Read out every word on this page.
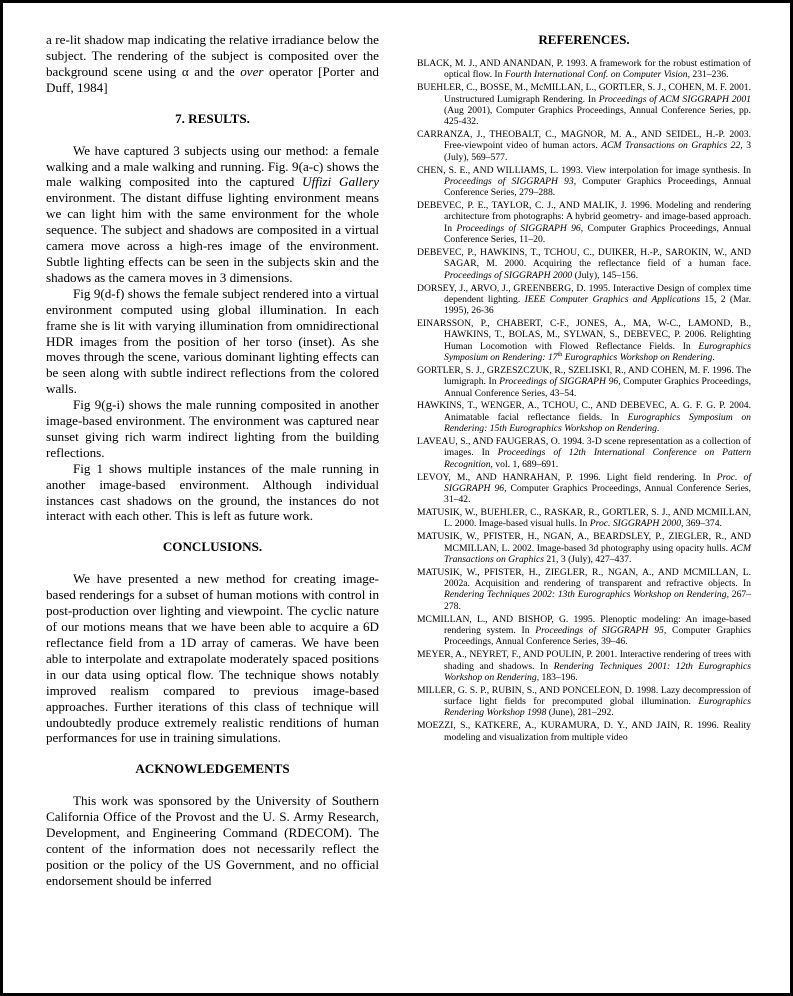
a re-lit shadow map indicating the relative irradiance below the subject. The rendering of the subject is composited over the background scene using α and the over operator [Porter and Duff, 1984]

7. RESULTS.

We have captured 3 subjects using our method: a female walking and a male walking and running. Fig. 9(a-c) shows the male walking composited into the captured Uffizi Gallery environment. The distant diffuse lighting environment means we can light him with the same environment for the whole sequence. The subject and shadows are composited in a virtual camera move across a high-res image of the environment. Subtle lighting effects can be seen in the subjects skin and the shadows as the camera moves in 3 dimensions.

Fig 9(d-f) shows the female subject rendered into a virtual environment computed using global illumination. In each frame she is lit with varying illumination from omnidirectional HDR images from the position of her torso (inset). As she moves through the scene, various dominant lighting effects can be seen along with subtle indirect reflections from the colored walls.

Fig 9(g-i) shows the male running composited in another image-based environment. The environment was captured near sunset giving rich warm indirect lighting from the building reflections.

Fig 1 shows multiple instances of the male running in another image-based environment. Although individual instances cast shadows on the ground, the instances do not interact with each other. This is left as future work.

CONCLUSIONS.

We have presented a new method for creating image-based renderings for a subset of human motions with control in post-production over lighting and viewpoint. The cyclic nature of our motions means that we have been able to acquire a 6D reflectance field from a 1D array of cameras. We have been able to interpolate and extrapolate moderately spaced positions in our data using optical flow. The technique shows notably improved realism compared to previous image-based approaches. Further iterations of this class of technique will undoubtedly produce extremely realistic renditions of human performances for use in training simulations.

ACKNOWLEDGEMENTS

This work was sponsored by the University of Southern California Office of the Provost and the U. S. Army Research, Development, and Engineering Command (RDECOM). The content of the information does not necessarily reflect the position or the policy of the US Government, and no official endorsement should be inferred

REFERENCES.
BLACK, M. J., AND ANANDAN, P. 1993. A framework for the robust estimation of optical flow. In Fourth International Conf. on Computer Vision, 231–236.
BUEHLER, C., BOSSE, M., McMILLAN, L., GORTLER, S. J., COHEN, M. F. 2001. Unstructured Lumigraph Rendering. In Proceedings of ACM SIGGRAPH 2001 (Aug 2001), Computer Graphics Proceedings, Annual Conference Series, pp. 425-432.
CARRANZA, J., THEOBALT, C., MAGNOR, M. A., AND SEIDEL, H.-P. 2003. Free-viewpoint video of human actors. ACM Transactions on Graphics 22, 3 (July), 569–577.
CHEN, S. E., AND WILLIAMS, L. 1993. View interpolation for image synthesis. In Proceedings of SIGGRAPH 93, Computer Graphics Proceedings, Annual Conference Series, 279–288.
DEBEVEC, P. E., TAYLOR, C. J., AND MALIK, J. 1996. Modeling and rendering architecture from photographs: A hybrid geometry- and image-based approach. In Proceedings of SIGGRAPH 96, Computer Graphics Proceedings, Annual Conference Series, 11–20.
DEBEVEC, P., HAWKINS, T., TCHOU, C., DUIKER, H.-P., SAROKIN, W., AND SAGAR, M. 2000. Acquiring the reflectance field of a human face. Proceedings of SIGGRAPH 2000 (July), 145–156.
DORSEY, J., ARVO, J., GREENBERG, D. 1995. Interactive Design of complex time dependent lighting. IEEE Computer Graphics and Applications 15, 2 (Mar. 1995), 26-36
EINARSSON, P., CHABERT, C-F., JONES, A., MA, W-C., LAMOND, B., HAWKINS, T., BOLAS, M., SYLWAN, S., DEBEVEC, P. 2006. Relighting Human Locomotion with Flowed Reflectance Fields. In Eurographics Symposium on Rendering: 17th Eurographics Workshop on Rendering.
GORTLER, S. J., GRZESZCZUK, R., SZELISKI, R., AND COHEN, M. F. 1996. The lumigraph. In Proceedings of SIGGRAPH 96, Computer Graphics Proceedings, Annual Conference Series, 43–54.
HAWKINS, T., WENGER, A., TCHOU, C., AND DEBEVEC, A. G. F. G. P. 2004. Animatable facial reflectance fields. In Eurographics Symposium on Rendering: 15th Eurographics Workshop on Rendering.
LAVEAU, S., AND FAUGERAS, O. 1994. 3-D scene representation as a collection of images. In Proceedings of 12th International Conference on Pattern Recognition, vol. 1, 689–691.
LEVOY, M., AND HANRAHAN, P. 1996. Light field rendering. In Proc. of SIGGRAPH 96, Computer Graphics Proceedings, Annual Conference Series, 31–42.
MATUSIK, W., BUEHLER, C., RASKAR, R., GORTLER, S. J., AND MCMILLAN, L. 2000. Image-based visual hulls. In Proc. SIGGRAPH 2000, 369–374.
MATUSIK, W., PFISTER, H., NGAN, A., BEARDSLEY, P., ZIEGLER, R., AND MCMILLAN, L. 2002. Image-based 3d photography using opacity hulls. ACM Transactions on Graphics 21, 3 (July), 427–437.
MATUSIK, W., PFISTER, H., ZIEGLER, R., NGAN, A., AND MCMILLAN, L. 2002a. Acquisition and rendering of transparent and refractive objects. In Rendering Techniques 2002: 13th Eurographics Workshop on Rendering, 267–278.
MCMILLAN, L., AND BISHOP, G. 1995. Plenoptic modeling: An image-based rendering system. In Proceedings of SIGGRAPH 95, Computer Graphics Proceedings, Annual Conference Series, 39–46.
MEYER, A., NEYRET, F., AND POULIN, P. 2001. Interactive rendering of trees with shading and shadows. In Rendering Techniques 2001: 12th Eurographics Workshop on Rendering, 183–196.
MILLER, G. S. P., RUBIN, S., AND PONCELEON, D. 1998. Lazy decompression of surface light fields for precomputed global illumination. Eurographics Rendering Workshop 1998 (June), 281–292.
MOEZZI, S., KATKERE, A., KURAMURA, D. Y., AND JAIN, R. 1996. Reality modeling and visualization from multiple video
